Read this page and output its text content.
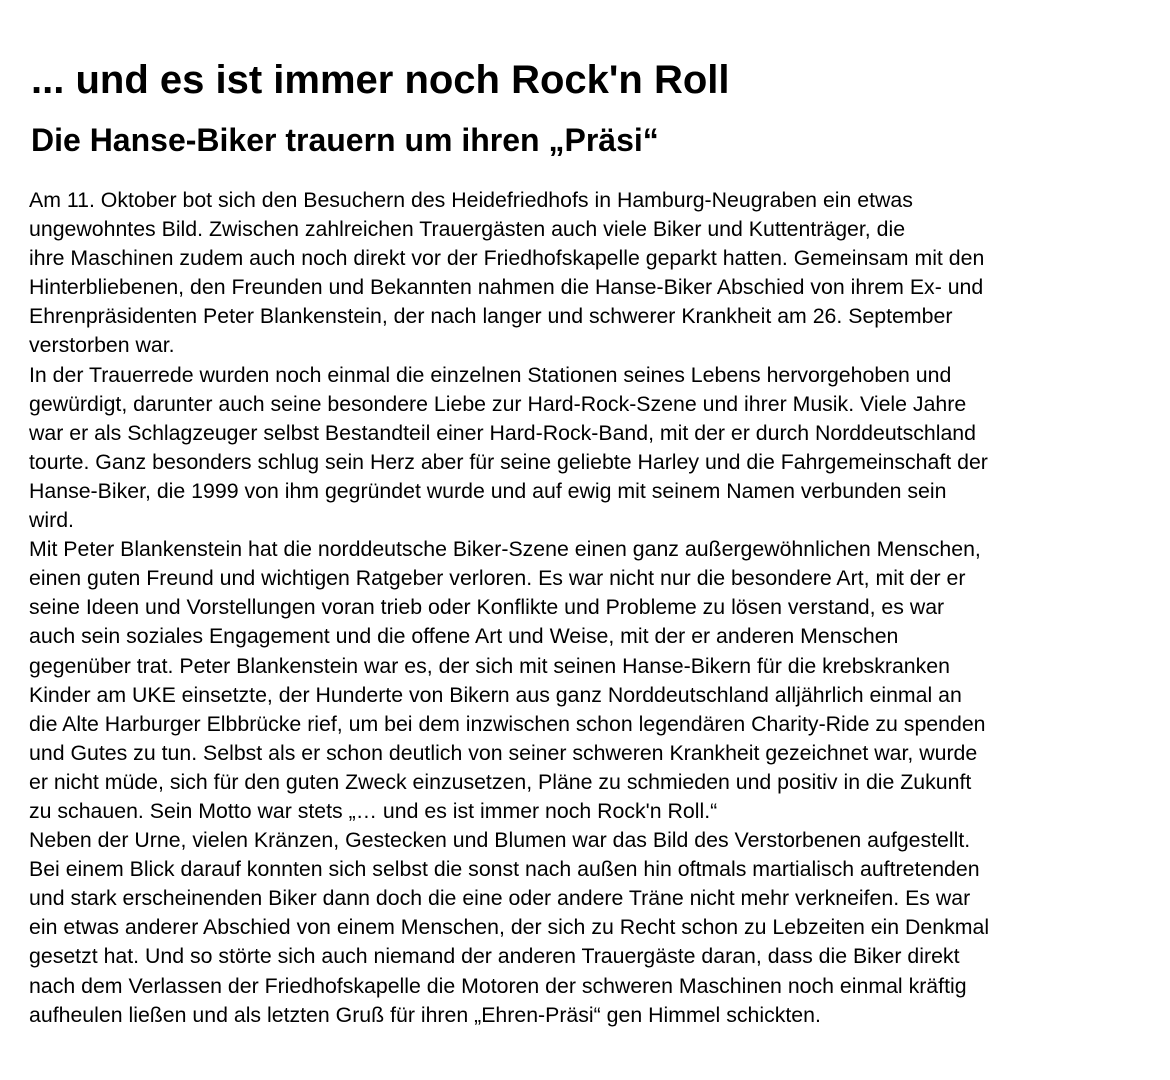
... und es ist immer noch Rock'n Roll
Die Hanse-Biker trauern um ihren „Präsi“
Am 11. Oktober bot sich den Besuchern des Heidefriedhofs in Hamburg-Neugraben ein etwas
ungewohntes Bild. Zwischen zahlreichen Trauergästen auch viele Biker und Kuttenträger, die
ihre Maschinen zudem auch noch direkt vor der Friedhofskapelle geparkt hatten. Gemeinsam mit den
Hinterbliebenen, den Freunden und Bekannten nahmen die Hanse-Biker Abschied von ihrem Ex- und
Ehrenpräsidenten Peter Blankenstein, der nach langer und schwerer Krankheit am 26. September
verstorben war.
In der Trauerrede wurden noch einmal die einzelnen Stationen seines Lebens hervorgehoben und
gewürdigt, darunter auch seine besondere Liebe zur Hard-Rock-Szene und ihrer Musik. Viele Jahre
war er als Schlagzeuger selbst Bestandteil einer Hard-Rock-Band, mit der er durch Norddeutschland
tourte. Ganz besonders schlug sein Herz aber für seine geliebte Harley und die Fahrgemeinschaft der
Hanse-Biker, die 1999 von ihm gegründet wurde und auf ewig mit seinem Namen verbunden sein
wird.
Mit Peter Blankenstein hat die norddeutsche Biker-Szene einen ganz außergewöhnlichen Menschen,
einen guten Freund und wichtigen Ratgeber verloren. Es war nicht nur die besondere Art, mit der er
seine Ideen und Vorstellungen voran trieb oder Konflikte und Probleme zu lösen verstand, es war
auch sein soziales Engagement und die offene Art und Weise, mit der er anderen Menschen
gegenüber trat. Peter Blankenstein war es, der sich mit seinen Hanse-Bikern für die krebskranken
Kinder am UKE einsetzte, der Hunderte von Bikern aus ganz Norddeutschland alljährlich einmal an
die Alte Harburger Elbbrücke rief, um bei dem inzwischen schon legendären Charity-Ride zu spenden
und Gutes zu tun. Selbst als er schon deutlich von seiner schweren Krankheit gezeichnet war, wurde
er nicht müde, sich für den guten Zweck einzusetzen, Pläne zu schmieden und positiv in die Zukunft
zu schauen. Sein Motto war stets „… und es ist immer noch Rock'n Roll.“
Neben der Urne, vielen Kränzen, Gestecken und Blumen war das Bild des Verstorbenen aufgestellt.
Bei einem Blick darauf konnten sich selbst die sonst nach außen hin oftmals martialisch auftretenden
und stark erscheinenden Biker dann doch die eine oder andere Träne nicht mehr verkneifen. Es war
ein etwas anderer Abschied von einem Menschen, der sich zu Recht schon zu Lebzeiten ein Denkmal
gesetzt hat. Und so störte sich auch niemand der anderen Trauergäste daran, dass die Biker direkt
nach dem Verlassen der Friedhofskapelle die Motoren der schweren Maschinen noch einmal kräftig
aufheulen ließen und als letzten Gruß für ihren „Ehren-Präsi“ gen Himmel schickten.
